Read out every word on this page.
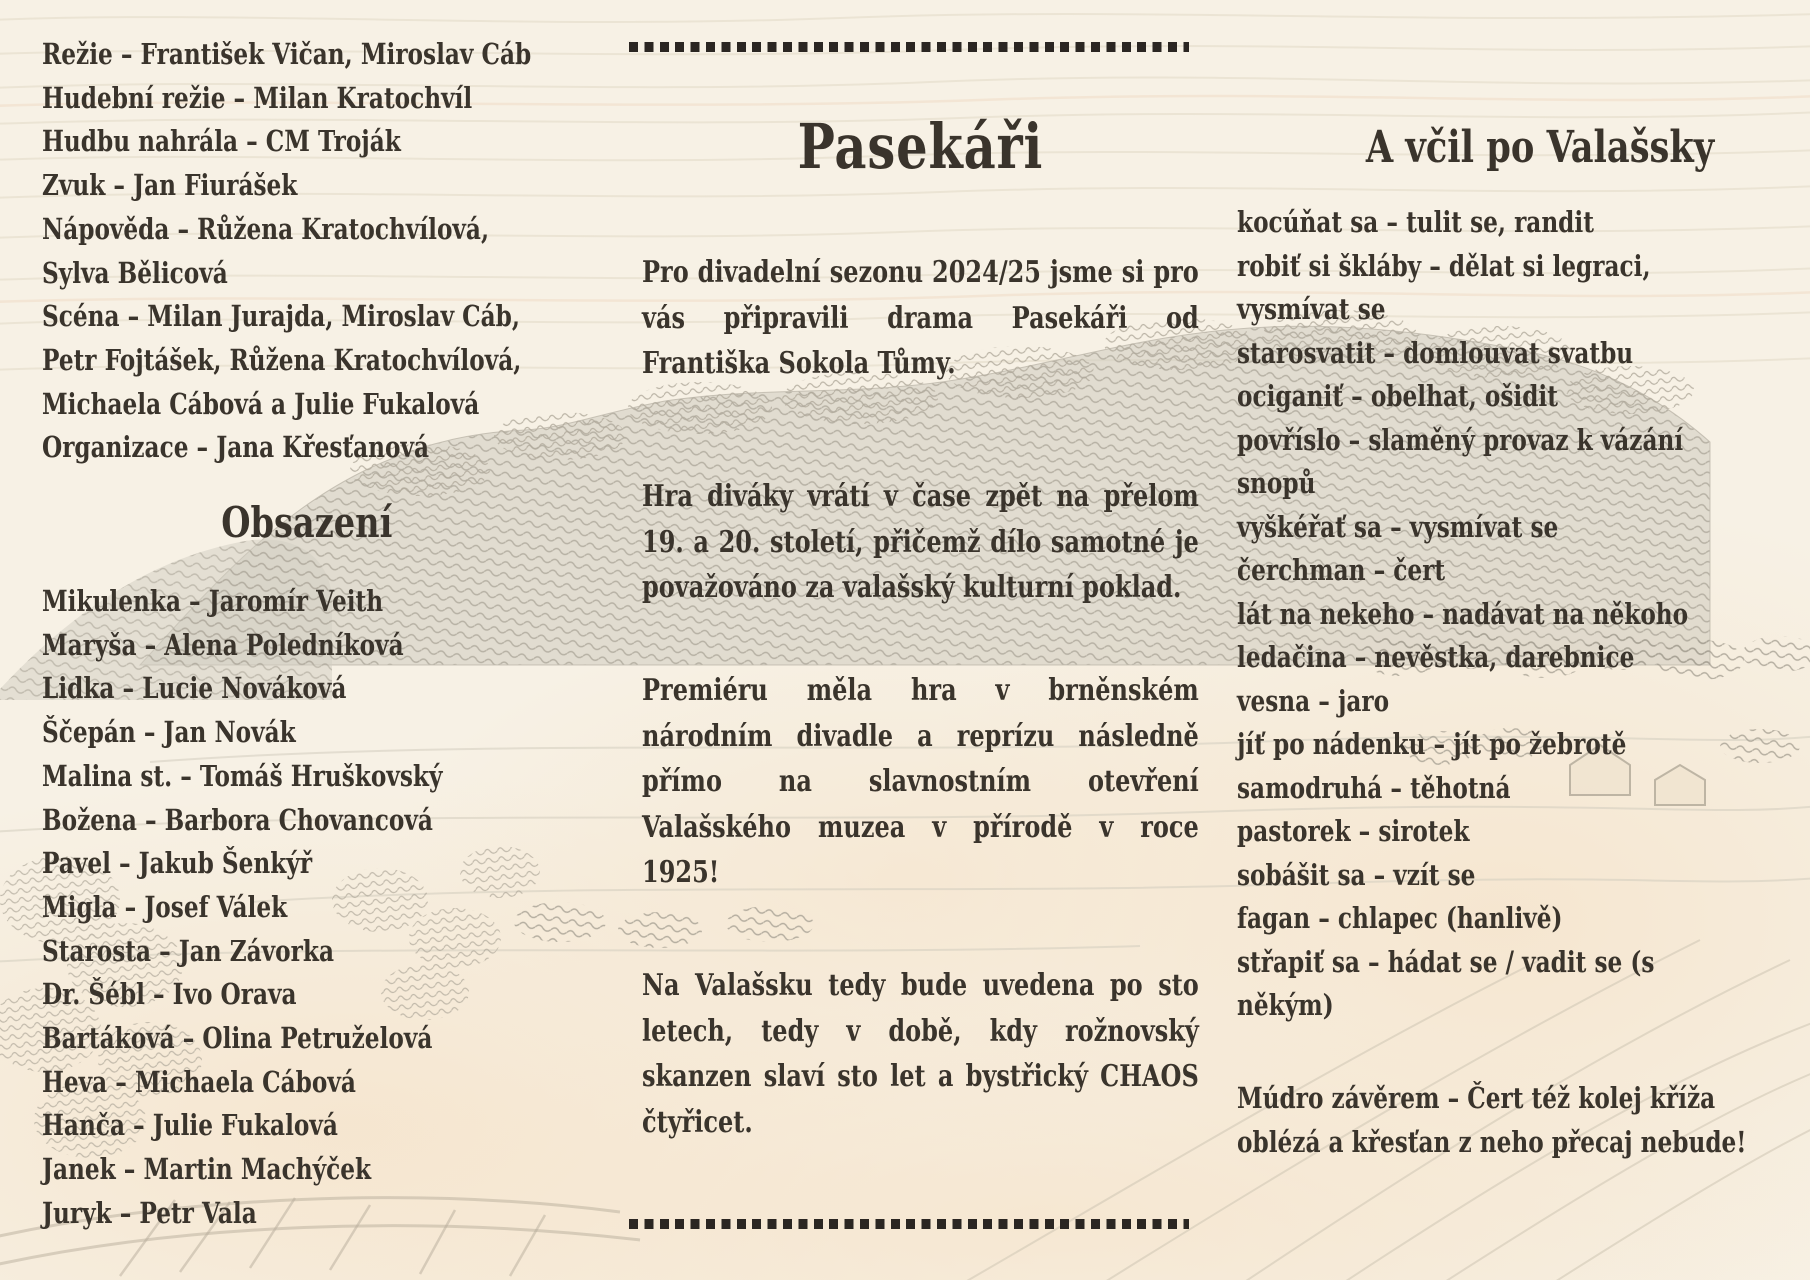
Režie – František Vičan, Miroslav Cáb
Hudební režie – Milan Kratochvíl
Hudbu nahrála – CM Troják
Zvuk – Jan Fiurášek
Nápověda – Růžena Kratochvílová,
Sylva Bělicová
Scéna – Milan Jurajda, Miroslav Cáb,
Petr Fojtášek, Růžena Kratochvílová,
Michaela Cábová a Julie Fukalová
Organizace – Jana Křesťanová
Obsazení
Mikulenka – Jaromír Veith
Maryša – Alena Poledníková
Lidka – Lucie Nováková
Ščepán – Jan Novák
Malina st. – Tomáš Hruškovský
Božena – Barbora Chovancová
Pavel – Jakub Šenkýř
Migla – Josef Válek
Starosta – Jan Závorka
Dr. Šébl – Ivo Orava
Bartáková – Olina Petruželová
Heva – Michaela Cábová
Hanča – Julie Fukalová
Janek – Martin Machýček
Juryk – Petr Vala
Pasekáři
Pro divadelní sezonu 2024/25 jsme si pro
vás připravili drama Pasekáři od
Františka Sokola Tůmy.
Hra diváky vrátí v čase zpět na přelom
19. a 20. století, přičemž dílo samotné je
považováno za valašský kulturní poklad.
Premiéru měla hra v brněnském
národním divadle a reprízu následně
přímo na slavnostním otevření
Valašského muzea v přírodě v roce
1925!
Na Valašsku tedy bude uvedena po sto
letech, tedy v době, kdy rožnovský
skanzen slaví sto let a bystřický CHAOS
čtyřicet.
A včil po Valašsky
kocúňat sa – tulit se, randit
robiť si škláby – dělat si legraci,
vysmívat se
starosvatit – domlouvat svatbu
ociganiť – obelhat, ošidit
povříslo – slaměný provaz k vázání
snopů
vyškéřať sa – vysmívat se
čerchman – čert
lát na nekeho – nadávat na někoho
ledačina – nevěstka, darebnice
vesna – jaro
jíť po nádenku – jít po žebrotě
samodruhá – těhotná
pastorek – sirotek
sobášit sa – vzít se
fagan – chlapec (hanlivě)
střapiť sa – hádat se / vadit se (s
někým)
Múdro závěrem – Čert též kolej kříža
oblézá a křesťan z neho přecaj nebude!
